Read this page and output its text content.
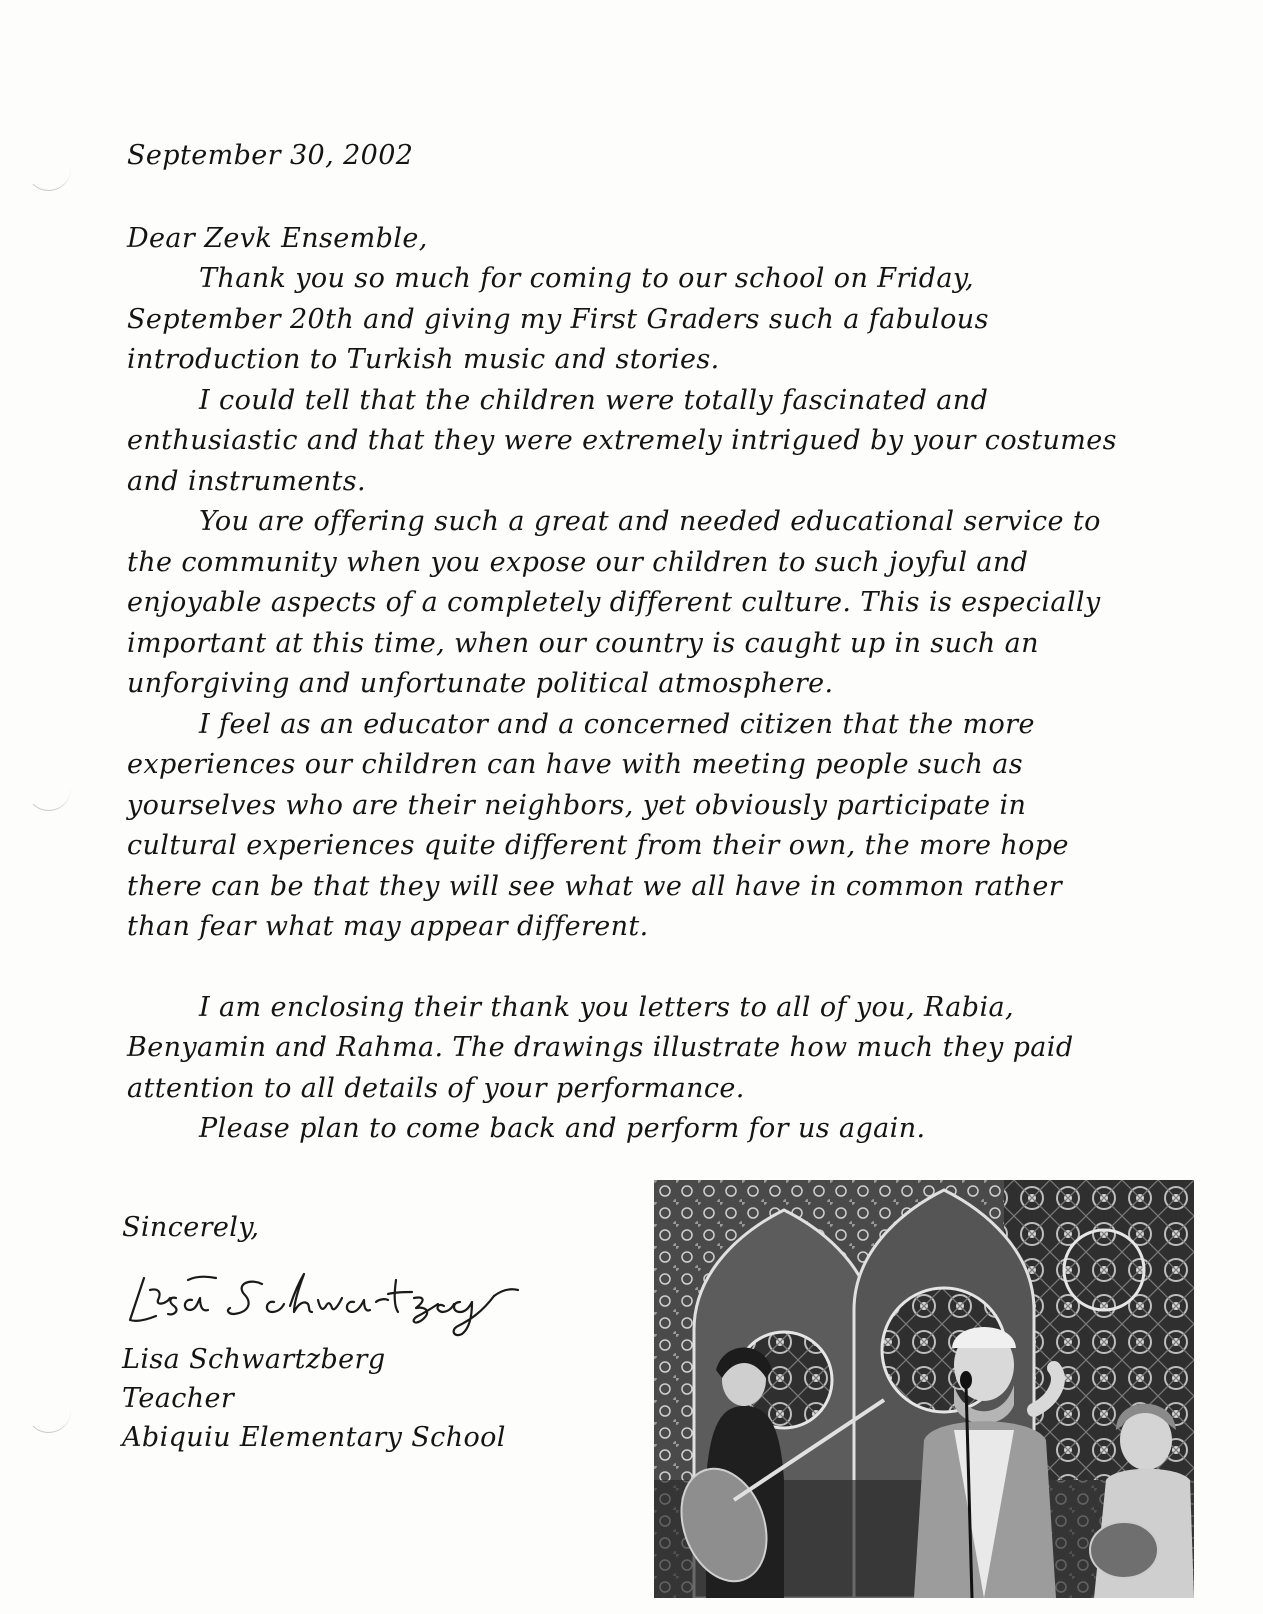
September 30, 2002

Dear Zevk Ensemble,

Thank you so much for coming to our school on Friday, September 20th and giving my First Graders such a fabulous introduction to Turkish music and stories.

I could tell that the children were totally fascinated and enthusiastic and that they were extremely intrigued by your costumes and instruments.

You are offering such a great and needed educational service to the community when you expose our children to such joyful and enjoyable aspects of a completely different culture. This is especially important at this time, when our country is caught up in such an unforgiving and unfortunate political atmosphere.

I feel as an educator and a concerned citizen that the more experiences our children can have with meeting people such as yourselves who are their neighbors, yet obviously participate in cultural experiences quite different from their own, the more hope there can be that they will see what we all have in common rather than fear what may appear different.

I am enclosing their thank you letters to all of you, Rabia, Benyamin and Rahma. The drawings illustrate how much they paid attention to all details of your performance.

Please plan to come back and perform for us again.

Sincerely,

Lisa Schwartzberg

Teacher

Abiquiu Elementary School
